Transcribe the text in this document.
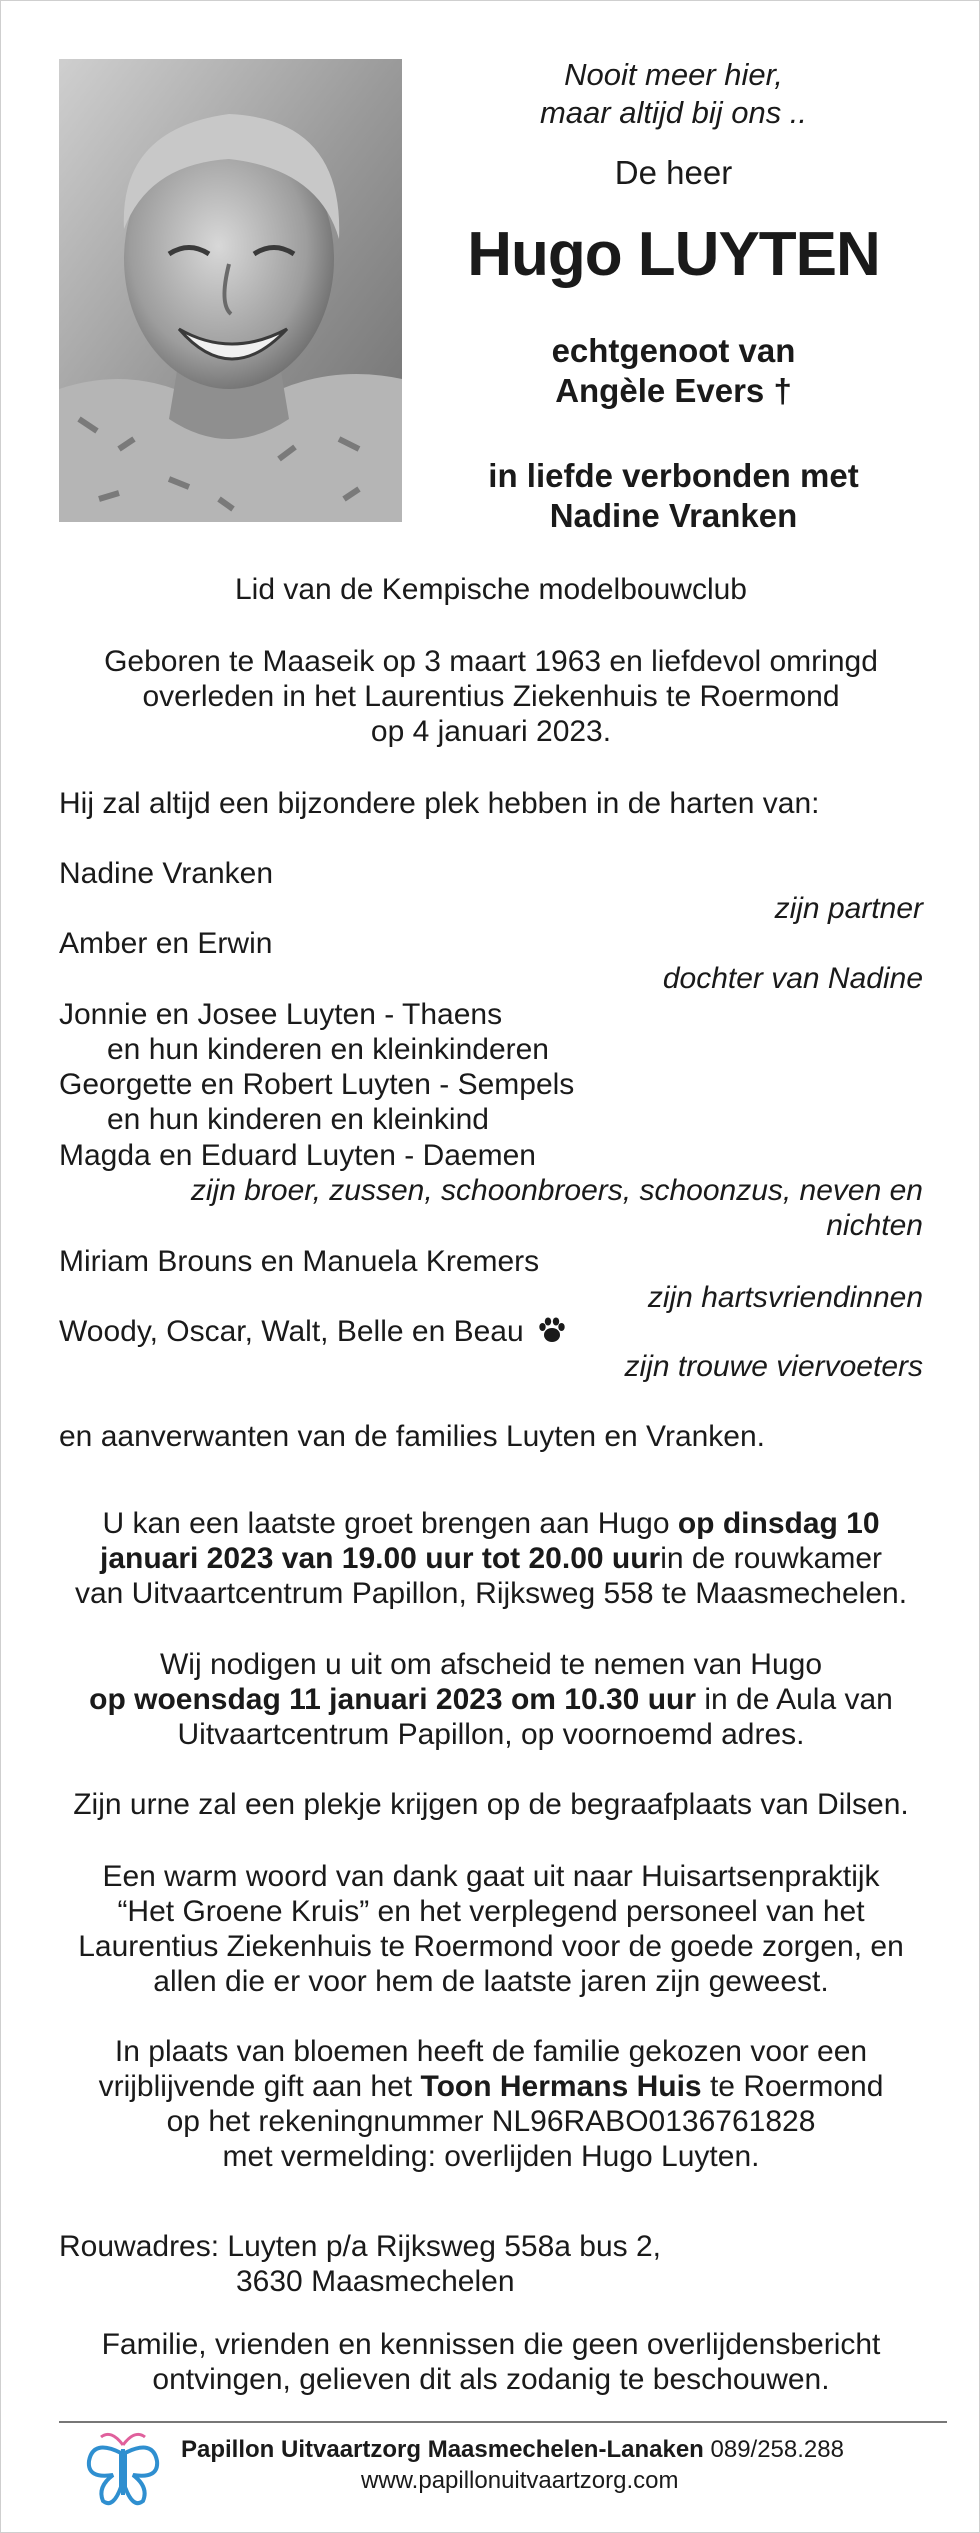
Nooit meer hier,
maar altijd bij ons ..
De heer
Hugo LUYTEN
echtgenoot van
Angèle Evers †
in liefde verbonden met
Nadine Vranken
Lid van de Kempische modelbouwclub
Geboren te Maaseik op 3 maart 1963 en liefdevol omringd
overleden in het Laurentius Ziekenhuis te Roermond
op 4 januari 2023.
Hij zal altijd een bijzondere plek hebben in de harten van:
Nadine Vranken
zijn partner
Amber en Erwin
dochter van Nadine
Jonnie en Josee Luyten - Thaens
en hun kinderen en kleinkinderen
Georgette en Robert Luyten - Sempels
en hun kinderen en kleinkind
Magda en Eduard Luyten - Daemen
zijn broer, zussen, schoonbroers, schoonzus, neven en
nichten
Miriam Brouns en Manuela Kremers
zijn hartsvriendinnen
Woody, Oscar, Walt, Belle en Beau
zijn trouwe viervoeters
en aanverwanten van de families Luyten en Vranken.
U kan een laatste groet brengen aan Hugo op dinsdag 10
januari 2023 van 19.00 uur tot 20.00 uurin de rouwkamer
van Uitvaartcentrum Papillon, Rijksweg 558 te Maasmechelen.
Wij nodigen u uit om afscheid te nemen van Hugo
op woensdag 11 januari 2023 om 10.30 uur in de Aula van
Uitvaartcentrum Papillon, op voornoemd adres.
Zijn urne zal een plekje krijgen op de begraafplaats van Dilsen.
Een warm woord van dank gaat uit naar Huisartsenpraktijk
“Het Groene Kruis” en het verplegend personeel van het
Laurentius Ziekenhuis te Roermond voor de goede zorgen, en
allen die er voor hem de laatste jaren zijn geweest.
In plaats van bloemen heeft de familie gekozen voor een
vrijblijvende gift aan het Toon Hermans Huis te Roermond
op het rekeningnummer NL96RABO0136761828
met vermelding: overlijden Hugo Luyten.
Rouwadres: Luyten p/a Rijksweg 558a bus 2,
3630 Maasmechelen
Familie, vrienden en kennissen die geen overlijdensbericht
ontvingen, gelieven dit als zodanig te beschouwen.
Papillon Uitvaartzorg Maasmechelen-Lanaken 089/258.288
www.papillonuitvaartzorg.com
